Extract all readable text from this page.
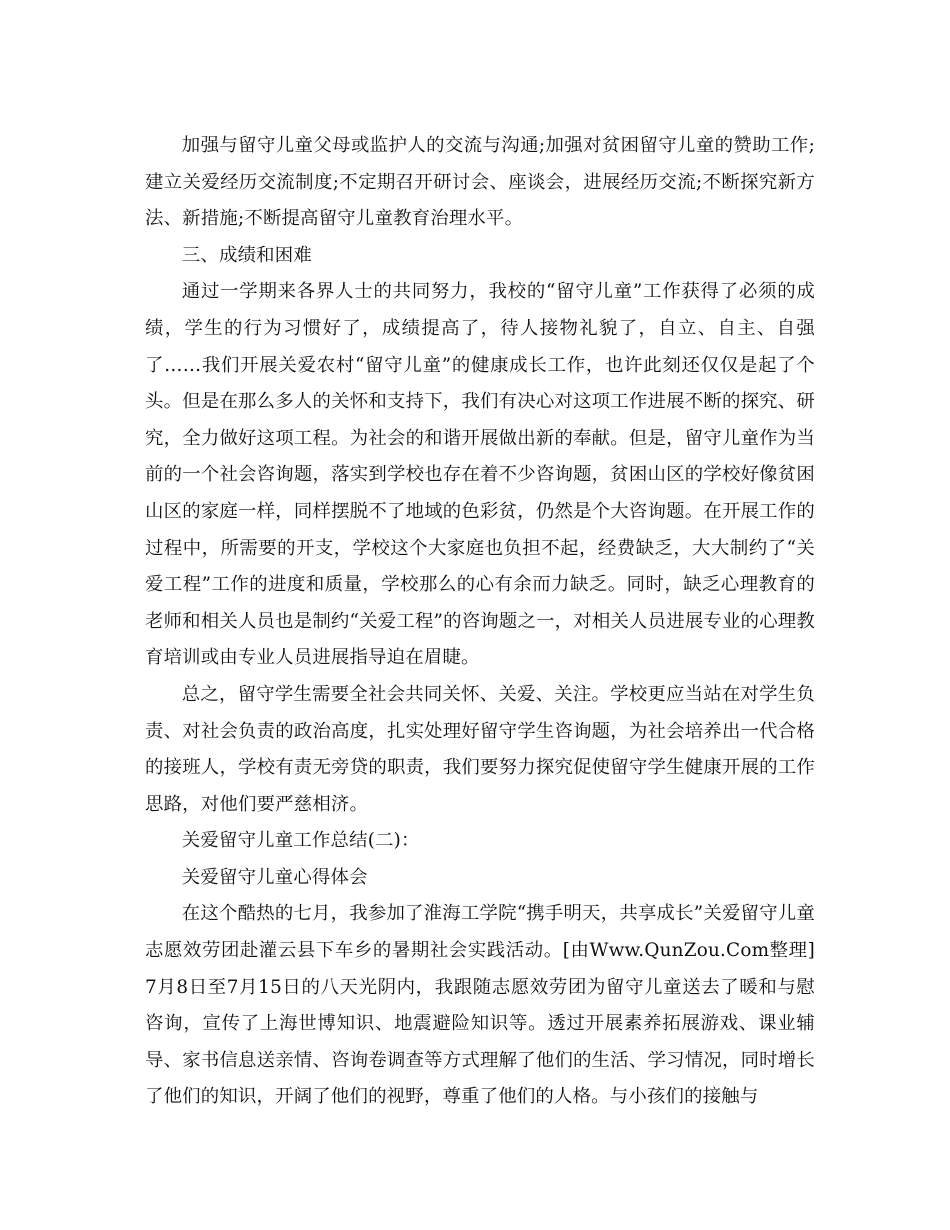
加强与留守儿童父母或监护人的交流与沟通;加强对贫困留守儿童的赞助工作;建立关爱经历交流制度;不定期召开研讨会、座谈会，进展经历交流;不断探究新方法、新措施;不断提高留守儿童教育治理水平。

三、成绩和困难

通过一学期来各界人士的共同努力，我校的“留守儿童”工作获得了必须的成绩，学生的行为习惯好了，成绩提高了，待人接物礼貌了，自立、自主、自强了……我们开展关爱农村“留守儿童”的健康成长工作，也许此刻还仅仅是起了个头。但是在那么多人的关怀和支持下，我们有决心对这项工作进展不断的探究、研究，全力做好这项工程。为社会的和谐开展做出新的奉献。但是，留守儿童作为当前的一个社会咨询题，落实到学校也存在着不少咨询题，贫困山区的学校好像贫困山区的家庭一样，同样摆脱不了地域的色彩贫，仍然是个大咨询题。在开展工作的过程中，所需要的开支，学校这个大家庭也负担不起，经费缺乏，大大制约了“关爱工程”工作的进度和质量，学校那么的心有余而力缺乏。同时，缺乏心理教育的老师和相关人员也是制约“关爱工程”的咨询题之一，对相关人员进展专业的心理教育培训或由专业人员进展指导迫在眉睫。

总之，留守学生需要全社会共同关怀、关爱、关注。学校更应当站在对学生负责、对社会负责的政治高度，扎实处理好留守学生咨询题，为社会培养出一代合格的接班人，学校有责无旁贷的职责，我们要努力探究促使留守学生健康开展的工作思路，对他们要严慈相济。

关爱留守儿童工作总结(二)：

关爱留守儿童心得体会

在这个酷热的七月，我参加了淮海工学院“携手明天，共享成长”关爱留守儿童志愿效劳团赴灌云县下车乡的暑期社会实践活动。[由Www.QunZou.Com整理]7月8日至7月15日的八天光阴内，我跟随志愿效劳团为留守儿童送去了暖和与慰咨询，宣传了上海世博知识、地震避险知识等。透过开展素养拓展游戏、课业辅导、家书信息送亲情、咨询卷调查等方式理解了他们的生活、学习情况，同时增长了他们的知识，开阔了他们的视野，尊重了他们的人格。与小孩们的接触与
